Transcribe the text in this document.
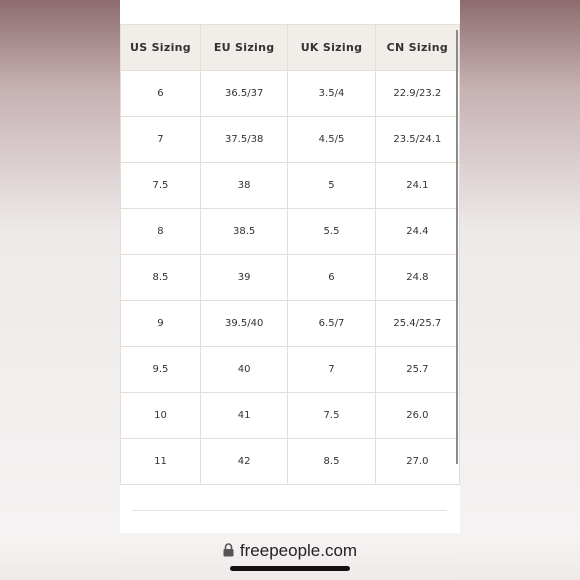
US Sizing	EU Sizing	UK Sizing	CN Sizing
6	36.5/37	3.5/4	22.9/23.2
7	37.5/38	4.5/5	23.5/24.1
7.5	38	5	24.1
8	38.5	5.5	24.4
8.5	39	6	24.8
9	39.5/40	6.5/7	25.4/25.7
9.5	40	7	25.7
10	41	7.5	26.0
11	42	8.5	27.0
freepeople.com
